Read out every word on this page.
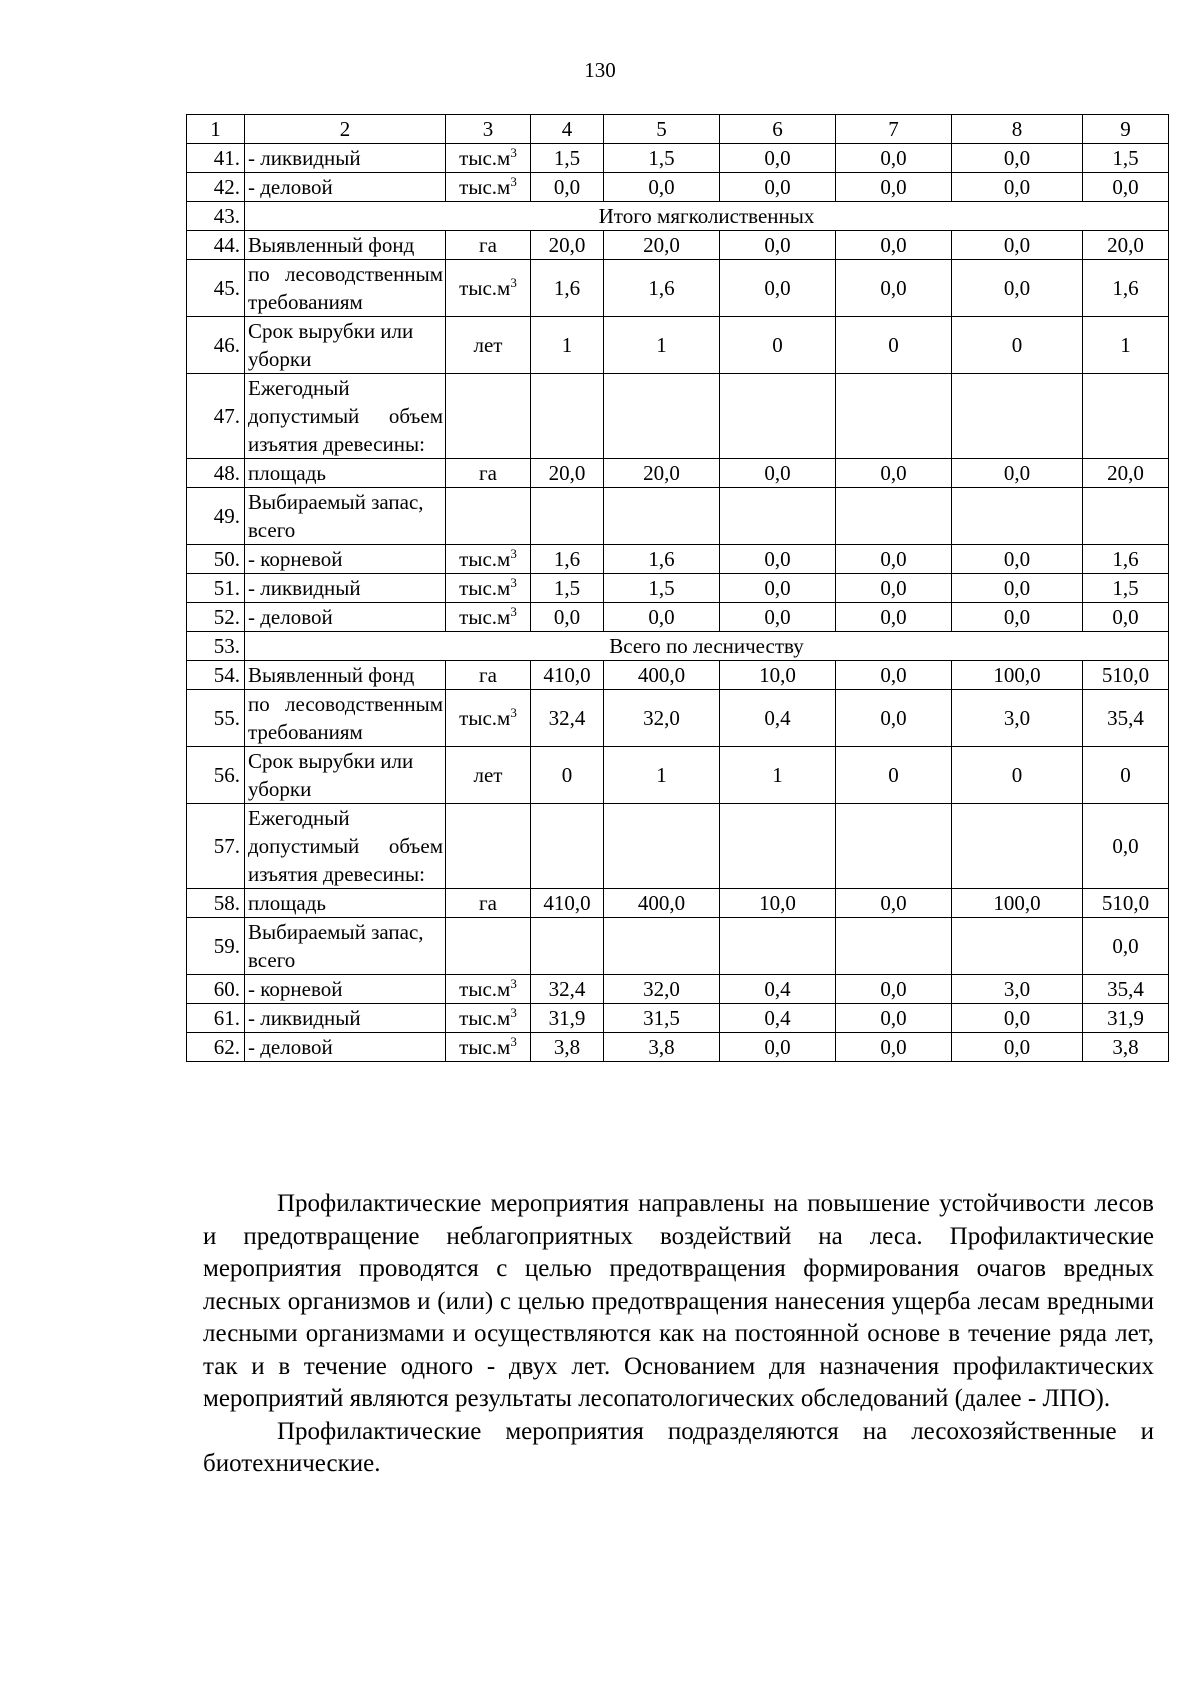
130
1	2	3	4	5	6	7	8	9
41.	- ликвидный	$тыс.м^3$	1,5	1,5	0,0	0,0	0,0	1,5
42.	- деловой	$тыс.м^3$	0,0	0,0	0,0	0,0	0,0	0,0
43.	Итого мягколиственных							
44.	Выявленный фонд	га	20,0	20,0	0,0	0,0	0,0	20,0
45.	по лесоводственным требованиям	$тыс.м^3$	1,6	1,6	0,0	0,0	0,0	1,6
46.	Срок вырубки или уборки	лет	1	1	0	0	0	1
47.	Ежегодный допустимый объем изъятия древесины:							
48.	площадь	га	20,0	20,0	0,0	0,0	0,0	20,0
49.	Выбираемый запас, всего							
50.	- корневой	$тыс.м^3$	1,6	1,6	0,0	0,0	0,0	1,6
51.	- ликвидный	$тыс.м^3$	1,5	1,5	0,0	0,0	0,0	1,5
52.	- деловой	$тыс.м^3$	0,0	0,0	0,0	0,0	0,0	0,0
53.	Всего по лесничеству							
54.	Выявленный фонд	га	410,0	400,0	10,0	0,0	100,0	510,0
55.	по лесоводственным требованиям	$тыс.м^3$	32,4	32,0	0,4	0,0	3,0	35,4
56.	Срок вырубки или уборки	лет	0	1	1	0	0	0
57.	Ежегодный допустимый объем изъятия древесины:							0,0
58.	площадь	га	410,0	400,0	10,0	0,0	100,0	510,0
59.	Выбираемый запас, всего							0,0
60.	- корневой	$тыс.м^3$	32,4	32,0	0,4	0,0	3,0	35,4
61.	- ликвидный	$тыс.м^3$	31,9	31,5	0,4	0,0	0,0	31,9
62.	- деловой	$тыс.м^3$	3,8	3,8	0,0	0,0	0,0	3,8

Профилактические мероприятия направлены на повышение устойчивости лесов и предотвращение неблагоприятных воздействий на леса. Профилактические мероприятия проводятся с целью предотвращения формирования очагов вредных лесных организмов и (или) с целью предотвращения нанесения ущерба лесам вредными лесными организмами и осуществляются как на постоянной основе в течение ряда лет, так и в течение одного - двух лет. Основанием для назначения профилактических мероприятий являются результаты лесопатологических обследований (далее - ЛПО).

Профилактические мероприятия подразделяются на лесохозяйственные и биотехнические.
